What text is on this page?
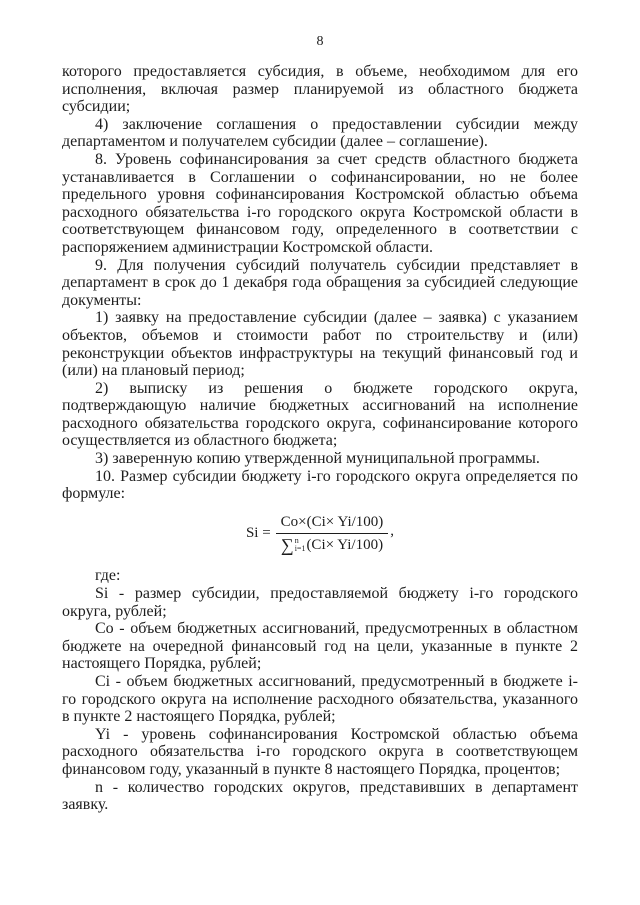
8

которого предоставляется субсидия, в объеме, необходимом для его исполнения, включая размер планируемой из областного бюджета субсидии;

4) заключение соглашения о предоставлении субсидии между департаментом и получателем субсидии (далее – соглашение).

8. Уровень софинансирования за счет средств областного бюджета устанавливается в Соглашении о софинансировании, но не более предельного уровня софинансирования Костромской областью объема расходного обязательства i-го городского округа Костромской области в соответствующем финансовом году, определенного в соответствии с распоряжением администрации Костромской области.

9. Для получения субсидий получатель субсидии представляет в департамент в срок до 1 декабря года обращения за субсидией следующие документы:

1) заявку на предоставление субсидии (далее – заявка) с указанием объектов, объемов и стоимости работ по строительству и (или) реконструкции объектов инфраструктуры на текущий финансовый год и (или) на плановый период;

2) выписку из решения о бюджете городского округа, подтверждающую наличие бюджетных ассигнований на исполнение расходного обязательства городского округа, софинансирование которого осуществляется из областного бюджета;

3) заверенную копию утвержденной муниципальной программы.

10. Размер субсидии бюджету i-го городского округа определяется по формуле:

Si =
Co×(Ci× Yi/100)
∑ n
i=1 (Ci× Yi/100)
,

где:

Si - размер субсидии, предоставляемой бюджету i-го городского округа, рублей;

Co - объем бюджетных ассигнований, предусмотренных в областном бюджете на очередной финансовый год на цели, указанные в пункте 2 настоящего Порядка, рублей;

Ci - объем бюджетных ассигнований, предусмотренный в бюджете i-го городского округа на исполнение расходного обязательства, указанного в пункте 2 настоящего Порядка, рублей;

Yi - уровень софинансирования Костромской областью объема расходного обязательства i-го городского округа в соответствующем финансовом году, указанный в пункте 8 настоящего Порядка, процентов;

n - количество городских округов, представивших в департамент заявку.
